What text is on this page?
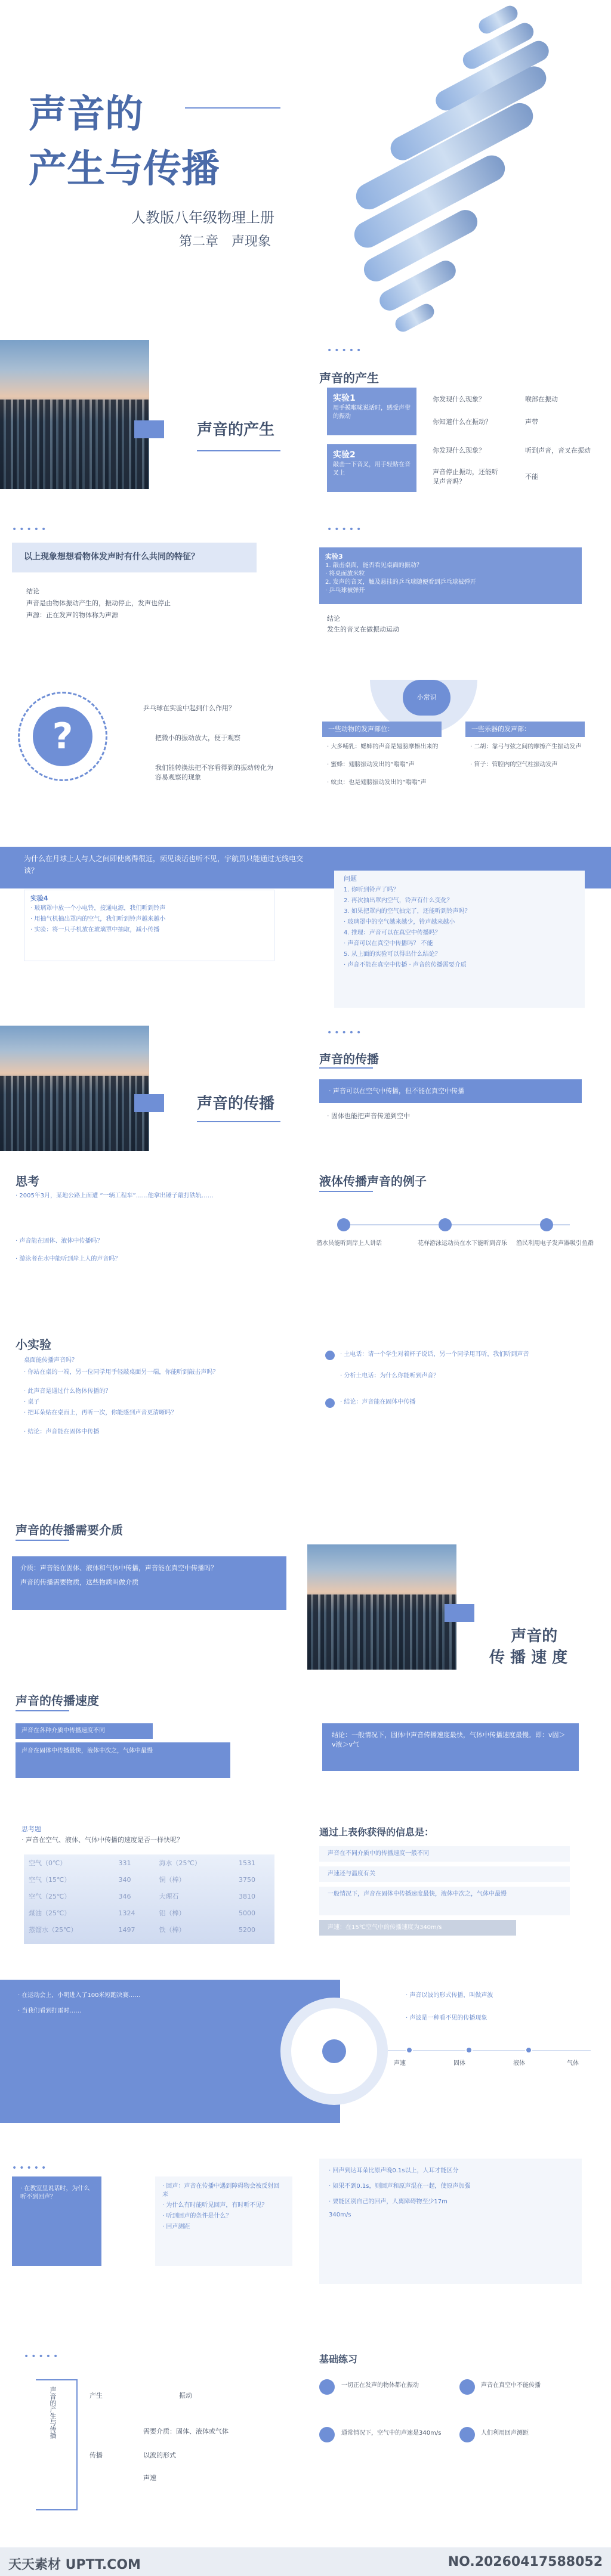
声音的
产生与传播
人教版八年级物理上册
第二章　声现象
声音的产生
•••••
声音的产生
实验1
用手摸喉咙说话时，感受声带的振动
你发现什么现象？
你知道什么在振动？
喉部在振动
声带
实验2
敲击一下音叉，用手轻贴在音叉上
你发现什么现象？
声音停止振动，还能听见声音吗？
听到声音，音叉在振动
不能
•••••
以上现象想想看物体发声时有什么共同的特征？
结论
声音是由物体振动产生的，振动停止，发声也停止
声源：正在发声的物体称为声源
•••••
实验3
1. 敲击桌面，能否看见桌面的振动？
· 将桌面放米粒
2. 发声的音叉，触及悬挂的乒乓球随便看到乒乓球被弹开
· 乒乓球被弹开
结论
发生的音叉在做振动运动
?
乒乓球在实验中起到什么作用？
把微小的振动放大，便于观察
我们能转换法把不容看得到的振动转化为容易观察的现象
小常识
一些动物的发声部位：
· 大多哺乳：蟋蟀的声音是翅膀摩擦出来的
· 蜜蜂：翅膀振动发出的“嗡嗡”声
· 蚊虫：也是翅膀振动发出的“嗡嗡”声
一些乐器的发声部：
· 二胡：靠弓与弦之间的摩擦产生振动发声
· 笛子：管腔内的空气柱振动发声
为什么在月球上人与人之间即使离得很近，频见谈话也听不见，宇航员只能通过无线电交谈？
实验4
· 玻璃罩中放一个小电铃，接通电源，我们听到铃声
· 用抽气机抽出罩内的空气，我们听到铃声越来越小
· 实验：将一只手机放在玻璃罩中抽取，减小传播
问题
1. 你听到铃声了吗？
2. 再次抽出罩内空气，铃声有什么变化？
3. 如果把罩内的空气抽完了，还能听到铃声吗？
· 玻璃罩中的空气越来越少，铃声越来越小
4. 推理：声音可以在真空中传播吗？
· 声音可以在真空中传播吗？ 不能
5. 从上面的实验可以得出什么结论？
· 声音不能在真空中传播 · 声音的传播需要介质
声音的传播
•••••
声音的传播
· 声音可以在空气中传播，但不能在真空中传播
· 固体也能把声音传递到空中
思考
· 2005年3月，某地公路上面遭 “一辆工程车”……他拿出锤子敲打铁轨……
· 声音能在固体、液体中传播吗？
· 游泳者在水中能听到岸上人的声音吗？
液体传播声音的例子
潜水员能听到岸上人讲话	花样游泳运动员在水下能听到音乐 渔民利用电子发声器吸引鱼群
小实验
桌面能传播声音吗？
· 你站在桌的一端，另一位同学用手轻敲桌面另一端，你能听到敲击声吗？
· 此声音是通过什么物体传播的？
· 桌子
· 把耳朵贴在桌面上，再听一次，你能感到声音更清晰吗？
· 结论：声音能在固体中传播
· 土电话：请一个学生对着杯子说话，另一个同学用耳听，我们听到声音
· 分析土电话：为什么你能听到声音？
· 结论：声音能在固体中传播
声音的传播需要介质
介质：声音能在固体、液体和气体中传播，声音能在真空中传播吗？
声音的传播需要物质，这些物质叫做介质

声音的
传 播 速 度

声音的传播速度
声音在各种介质中传播速度不同
声音在固体中传播最快，液体中次之，气体中最慢
结论：一般情况下，固体中声音传播速度最快，气体中传播速度最慢。即：v固＞v液＞v气
思考题
· 声音在空气、液体、气体中传播的速度是否一样快呢？
空气（0℃）	331	海水（25℃）	1531
空气（15℃）	340	铜（棒）	3750
空气（25℃）	346	大理石	3810
煤油（25℃）	1324	铝（棒）	5000
蒸馏水（25℃）	1497	铁（棒）	5200
通过上表你获得的信息是：
声音在不同介质中的传播速度一般不同
声速还与温度有关
一般情况下，声音在固体中传播速度最快，液体中次之，气体中最慢
声速：在15℃空气中的传播速度为340m/s
· 在运动会上，小明进入了100米短跑决赛……
· 当我们看到打雷时……
· 声音以波的形式传播，叫做声波
· 声波是一种看不见的传播现象
声速	固体	液体	气体
•••••
· 在教室里说话时，为什么听不到回声？
· 回声：声音在传播中遇到障碍物会被反射回来
· 为什么有时能听见回声，有时听不见？
· 听到回声的条件是什么？
· 回声测距
· 回声到达耳朵比原声晚0.1s以上，人耳才能区分
· 如果不到0.1s，则回声和原声混在一起，使原声加强
· 要能区别自己的回声，人离障碍物至少17m
340m/s
•••••
声音的产生与传播	产生	振动
传播
需要介质：固体、液体或气体
以波的形式
声速
基础练习
一切正在发声的物体都在振动	声音在真空中不能传播
通常情况下，空气中的声速是340m/s	人们利用回声测距
天天素材 UPTT.COM	NO.20260417588052
